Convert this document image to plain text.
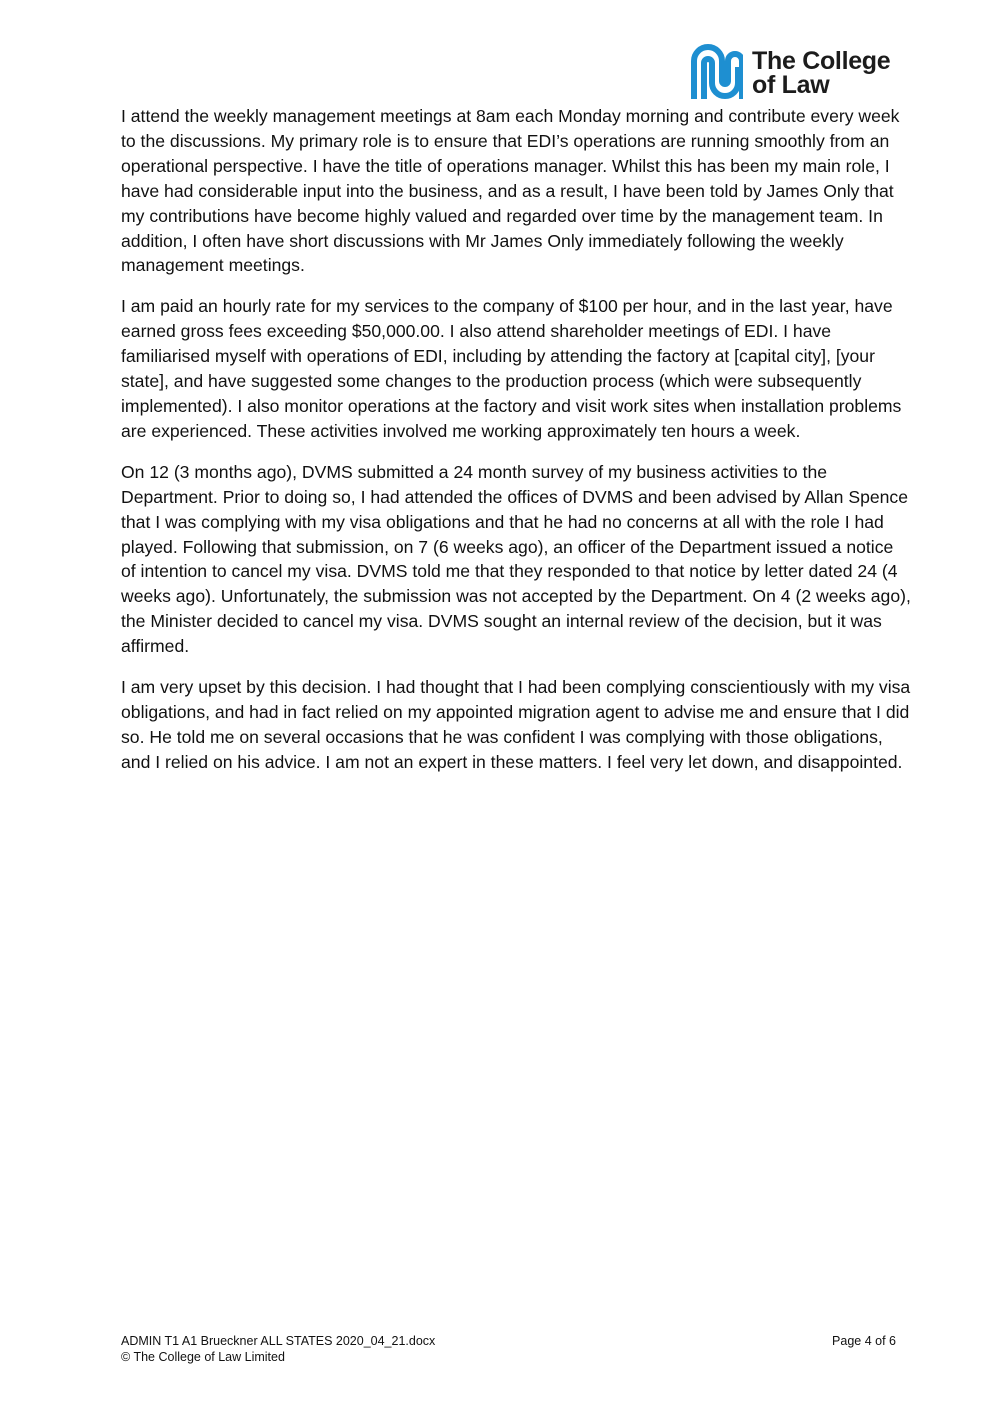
The College
of Law

I attend the weekly management meetings at 8am each Monday morning and contribute every week to the discussions. My primary role is to ensure that EDI’s operations are running smoothly from an operational perspective. I have the title of operations manager. Whilst this has been my main role, I have had considerable input into the business, and as a result, I have been told by James Only that my contributions have become highly valued and regarded over time by the management team. In addition, I often have short discussions with Mr James Only immediately following the weekly management meetings.

I am paid an hourly rate for my services to the company of $100 per hour, and in the last year, have earned gross fees exceeding $50,000.00. I also attend shareholder meetings of EDI. I have familiarised myself with operations of EDI, including by attending the factory at [capital city], [your state], and have suggested some changes to the production process (which were subsequently implemented). I also monitor operations at the factory and visit work sites when installation problems are experienced. These activities involved me working approximately ten hours a week.

On 12 (3 months ago), DVMS submitted a 24 month survey of my business activities to the Department. Prior to doing so, I had attended the offices of DVMS and been advised by Allan Spence that I was complying with my visa obligations and that he had no concerns at all with the role I had played. Following that submission, on 7 (6 weeks ago), an officer of the Department issued a notice of intention to cancel my visa. DVMS told me that they responded to that notice by letter dated 24 (4 weeks ago). Unfortunately, the submission was not accepted by the Department. On 4 (2 weeks ago), the Minister decided to cancel my visa. DVMS sought an internal review of the decision, but it was affirmed.

I am very upset by this decision. I had thought that I had been complying conscientiously with my visa obligations, and had in fact relied on my appointed migration agent to advise me and ensure that I did so. He told me on several occasions that he was confident I was complying with those obligations, and I relied on his advice. I am not an expert in these matters. I feel very let down, and disappointed.

ADMIN T1 A1 Brueckner ALL STATES 2020_04_21.docx
© The College of Law Limited
Page 4 of 6
